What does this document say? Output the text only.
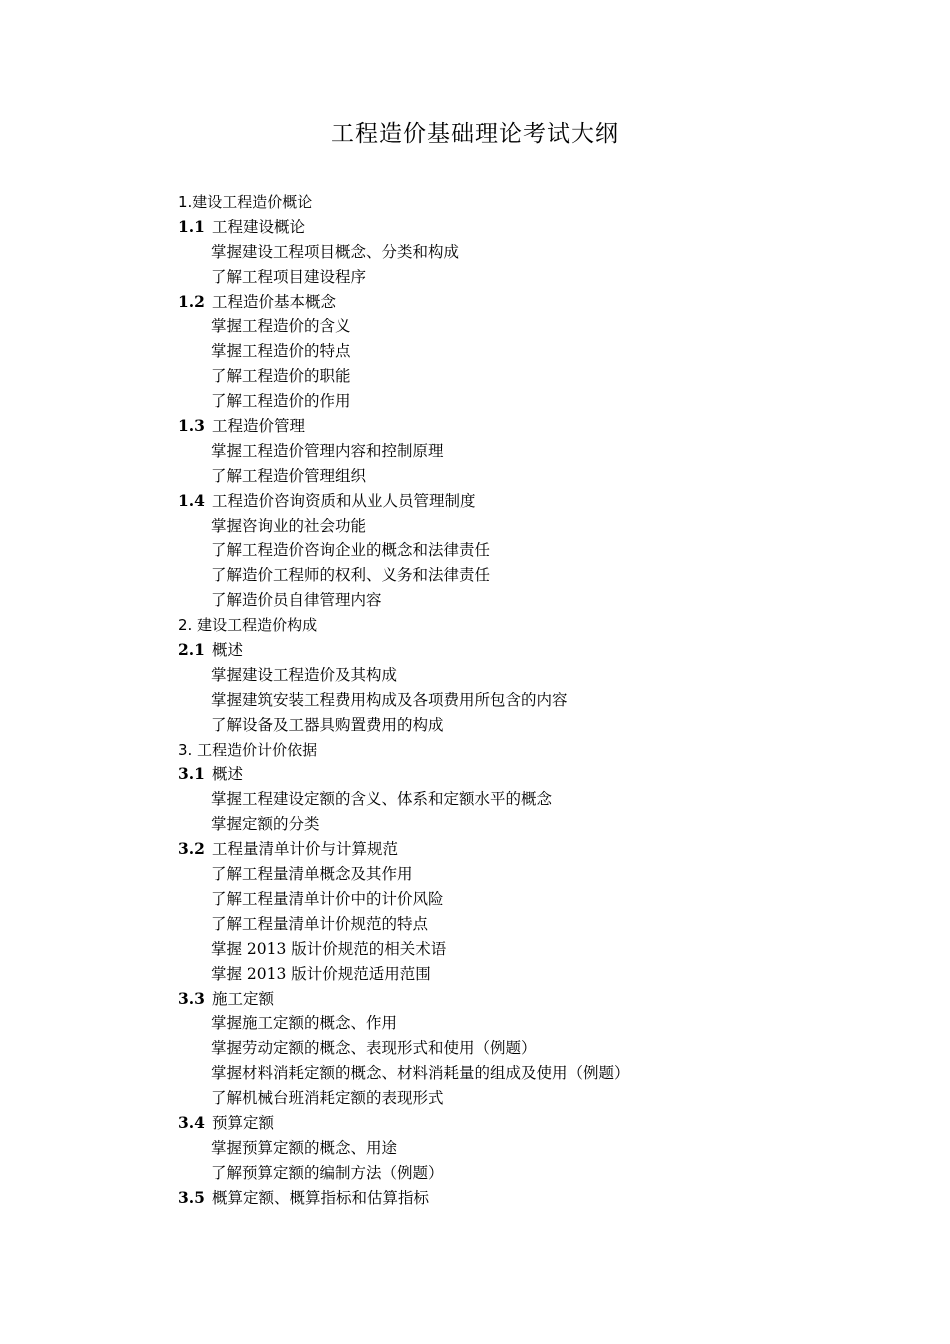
工程造价基础理论考试大纲
1.建设工程造价概论
1.1 工程建设概论
掌握建设工程项目概念、分类和构成
了解工程项目建设程序
1.2 工程造价基本概念
掌握工程造价的含义
掌握工程造价的特点
了解工程造价的职能
了解工程造价的作用
1.3 工程造价管理
掌握工程造价管理内容和控制原理
了解工程造价管理组织
1.4 工程造价咨询资质和从业人员管理制度
掌握咨询业的社会功能
了解工程造价咨询企业的概念和法律责任
了解造价工程师的权利、义务和法律责任
了解造价员自律管理内容
2. 建设工程造价构成
2.1 概述
掌握建设工程造价及其构成
掌握建筑安装工程费用构成及各项费用所包含的内容
了解设备及工器具购置费用的构成
3. 工程造价计价依据
3.1 概述
掌握工程建设定额的含义、体系和定额水平的概念
掌握定额的分类
3.2 工程量清单计价与计算规范
了解工程量清单概念及其作用
了解工程量清单计价中的计价风险
了解工程量清单计价规范的特点
掌握 2013 版计价规范的相关术语
掌握 2013 版计价规范适用范围
3.3 施工定额
掌握施工定额的概念、作用
掌握劳动定额的概念、表现形式和使用（例题）
掌握材料消耗定额的概念、材料消耗量的组成及使用（例题）
了解机械台班消耗定额的表现形式
3.4 预算定额
掌握预算定额的概念、用途
了解预算定额的编制方法（例题）
3.5 概算定额、概算指标和估算指标
